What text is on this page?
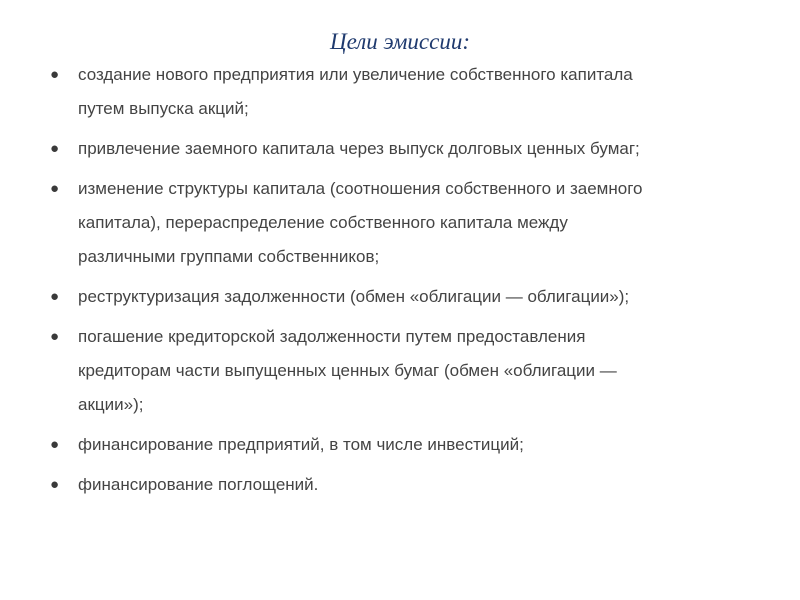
Цели эмиссии:
● создание нового предприятия или увеличение собственного капитала
путем выпуска акций;
● привлечение заемного капитала через выпуск долговых ценных бумаг;
● изменение структуры капитала (соотношения собственного и заемного
капитала), перераспределение собственного капитала между
различными группами собственников;
● реструктуризация задолженности (обмен «облигации — облигации»);
● погашение кредиторской задолженности путем предоставления
кредиторам части выпущенных ценных бумаг (обмен «облигации —
акции»);
● финансирование предприятий, в том числе инвестиций;
● финансирование поглощений.
